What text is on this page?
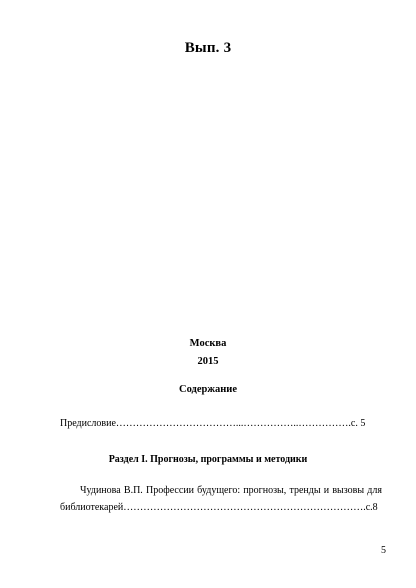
Вып. 3
Москва
2015
Содержание
Предисловие………………………………...……………..…………….с. 5
Раздел I. Прогнозы, программы и методики
Чудинова В.П. Профессии будущего: прогнозы, тренды и вызовы для
библиотекарей……………………………………………………………….с.8
5
